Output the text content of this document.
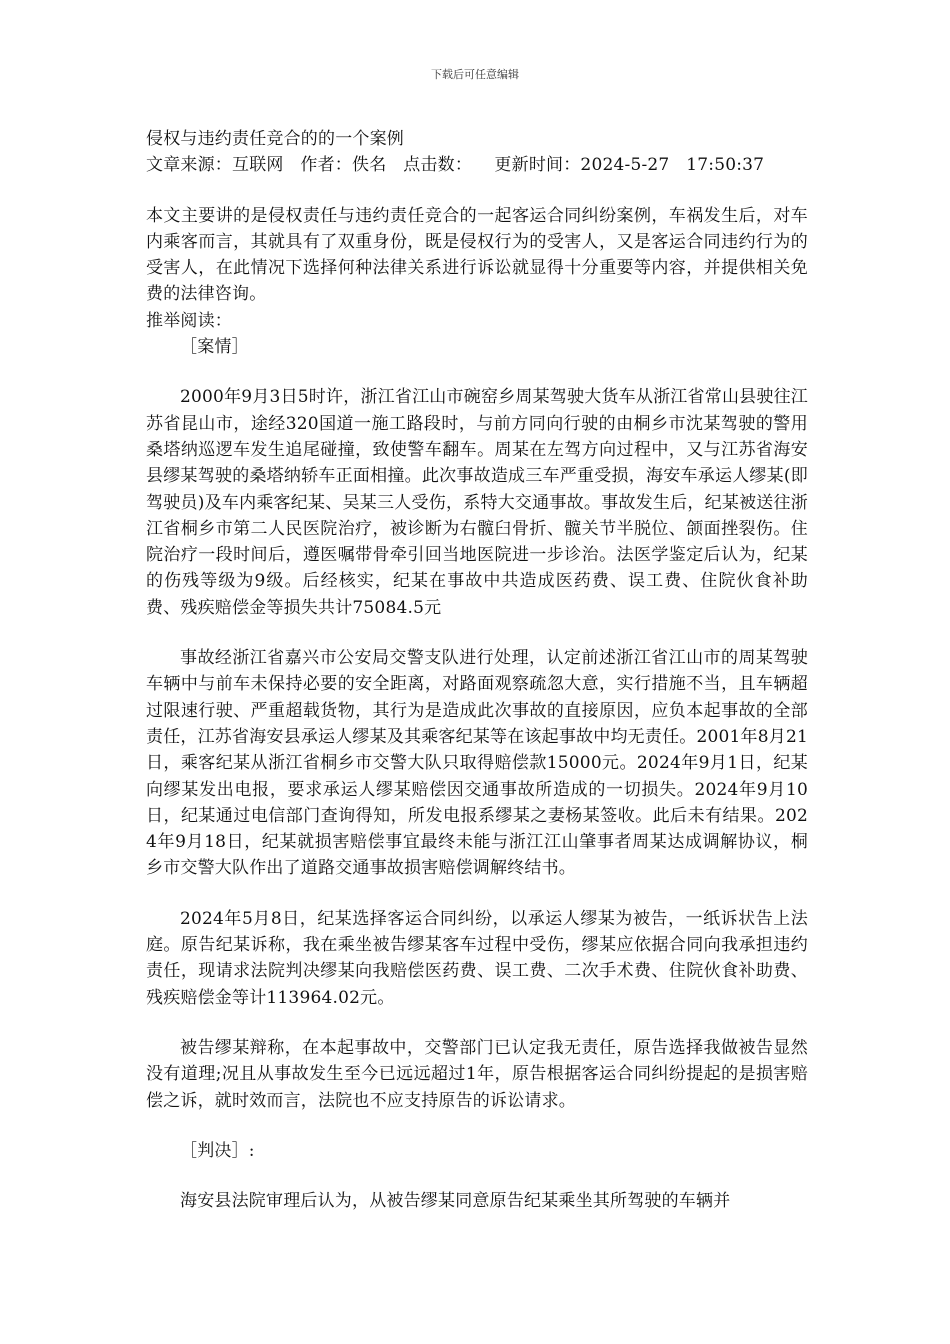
下载后可任意编辑

侵权与违约责任竞合的的一个案例

文章来源：互联网   作者：佚名   点击数：    更新时间：2024-5-27   17:50:37

本文主要讲的是侵权责任与违约责任竞合的一起客运合同纠纷案例，车祸发生后，对车内乘客而言，其就具有了双重身份，既是侵权行为的受害人，又是客运合同违约行为的受害人，在此情况下选择何种法律关系进行诉讼就显得十分重要等内容，并提供相关免费的法律咨询。

推举阅读：

［案情］

2000年9月3日5时许，浙江省江山市碗窑乡周某驾驶大货车从浙江省常山县驶往江苏省昆山市，途经320国道一施工路段时，与前方同向行驶的由桐乡市沈某驾驶的警用桑塔纳巡逻车发生追尾碰撞，致使警车翻车。周某在左驾方向过程中，又与江苏省海安县缪某驾驶的桑塔纳轿车正面相撞。此次事故造成三车严重受损，海安车承运人缪某(即驾驶员)及车内乘客纪某、吴某三人受伤，系特大交通事故。事故发生后，纪某被送往浙江省桐乡市第二人民医院治疗，被诊断为右髋臼骨折、髋关节半脱位、颌面挫裂伤。住院治疗一段时间后，遵医嘱带骨牵引回当地医院进一步诊治。法医学鉴定后认为，纪某的伤残等级为9级。后经核实，纪某在事故中共造成医药费、误工费、住院伙食补助费、残疾赔偿金等损失共计75084.5元

事故经浙江省嘉兴市公安局交警支队进行处理，认定前述浙江省江山市的周某驾驶车辆中与前车未保持必要的安全距离，对路面观察疏忽大意，实行措施不当，且车辆超过限速行驶、严重超载货物，其行为是造成此次事故的直接原因，应负本起事故的全部责任，江苏省海安县承运人缪某及其乘客纪某等在该起事故中均无责任。2001年8月21日，乘客纪某从浙江省桐乡市交警大队只取得赔偿款15000元。2024年9月1日，纪某向缪某发出电报，要求承运人缪某赔偿因交通事故所造成的一切损失。2024年9月10日，纪某通过电信部门查询得知，所发电报系缪某之妻杨某签收。此后未有结果。2024年9月18日，纪某就损害赔偿事宜最终未能与浙江江山肇事者周某达成调解协议，桐乡市交警大队作出了道路交通事故损害赔偿调解终结书。

2024年5月8日，纪某选择客运合同纠纷，以承运人缪某为被告，一纸诉状告上法庭。原告纪某诉称，我在乘坐被告缪某客车过程中受伤，缪某应依据合同向我承担违约责任，现请求法院判决缪某向我赔偿医药费、误工费、二次手术费、住院伙食补助费、残疾赔偿金等计113964.02元。

被告缪某辩称，在本起事故中，交警部门已认定我无责任，原告选择我做被告显然没有道理;况且从事故发生至今已远远超过1年，原告根据客运合同纠纷提起的是损害赔偿之诉，就时效而言，法院也不应支持原告的诉讼请求。

［判决］:

海安县法院审理后认为，从被告缪某同意原告纪某乘坐其所驾驶的车辆并
